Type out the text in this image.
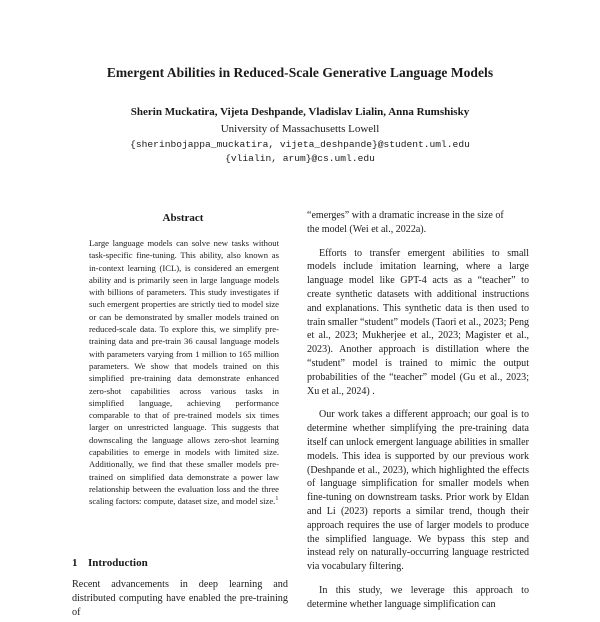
Emergent Abilities in Reduced-Scale Generative Language Models
Sherin Muckatira, Vijeta Deshpande, Vladislav Lialin, Anna Rumshisky
University of Massachusetts Lowell
{sherinbojappa_muckatira, vijeta_deshpande}@student.uml.edu
{vlialin, arum}@cs.uml.edu
Abstract
Large language models can solve new tasks without task-specific fine-tuning. This ability, also known as in-context learning (ICL), is considered an emergent ability and is primarily seen in large language models with billions of parameters. This study investigates if such emergent properties are strictly tied to model size or can be demonstrated by smaller models trained on reduced-scale data. To explore this, we simplify pre-training data and pre-train 36 causal language models with parameters varying from 1 million to 165 million parameters. We show that models trained on this simplified pre-training data demonstrate enhanced zero-shot capabilities across various tasks in simplified language, achieving performance comparable to that of pre-trained models six times larger on unrestricted language. This suggests that downscaling the language allows zero-shot learning capabilities to emerge in models with limited size. Additionally, we find that these smaller models pre-trained on simplified data demonstrate a power law relationship between the evaluation loss and the three scaling factors: compute, dataset size, and model size.$^1$
1 Introduction
Recent advancements in deep learning and distributed computing have enabled the pre-training of

“emerges” with a dramatic increase in the size of
the model (Wei et al., 2022a).

Efforts to transfer emergent abilities to small models include imitation learning, where a large language model like GPT-4 acts as a “teacher” to create synthetic datasets with additional instructions and explanations. This synthetic data is then used to train smaller “student” models (Taori et al., 2023; Peng et al., 2023; Mukherjee et al., 2023; Magister et al., 2023). Another approach is distillation where the “student” model is trained to mimic the output probabilities of the “teacher” model (Gu et al., 2023; Xu et al., 2024) .

Our work takes a different approach; our goal is to determine whether simplifying the pre-training data itself can unlock emergent language abilities in smaller models. This idea is supported by our previous work (Deshpande et al., 2023), which highlighted the effects of language simplification for smaller models when fine-tuning on downstream tasks. Prior work by Eldan and Li (2023) reports a similar trend, though their approach requires the use of larger models to produce the simplified language. We bypass this step and instead rely on naturally-occurring language restricted via vocabulary filtering.

In this study, we leverage this approach to determine whether language simplification can
